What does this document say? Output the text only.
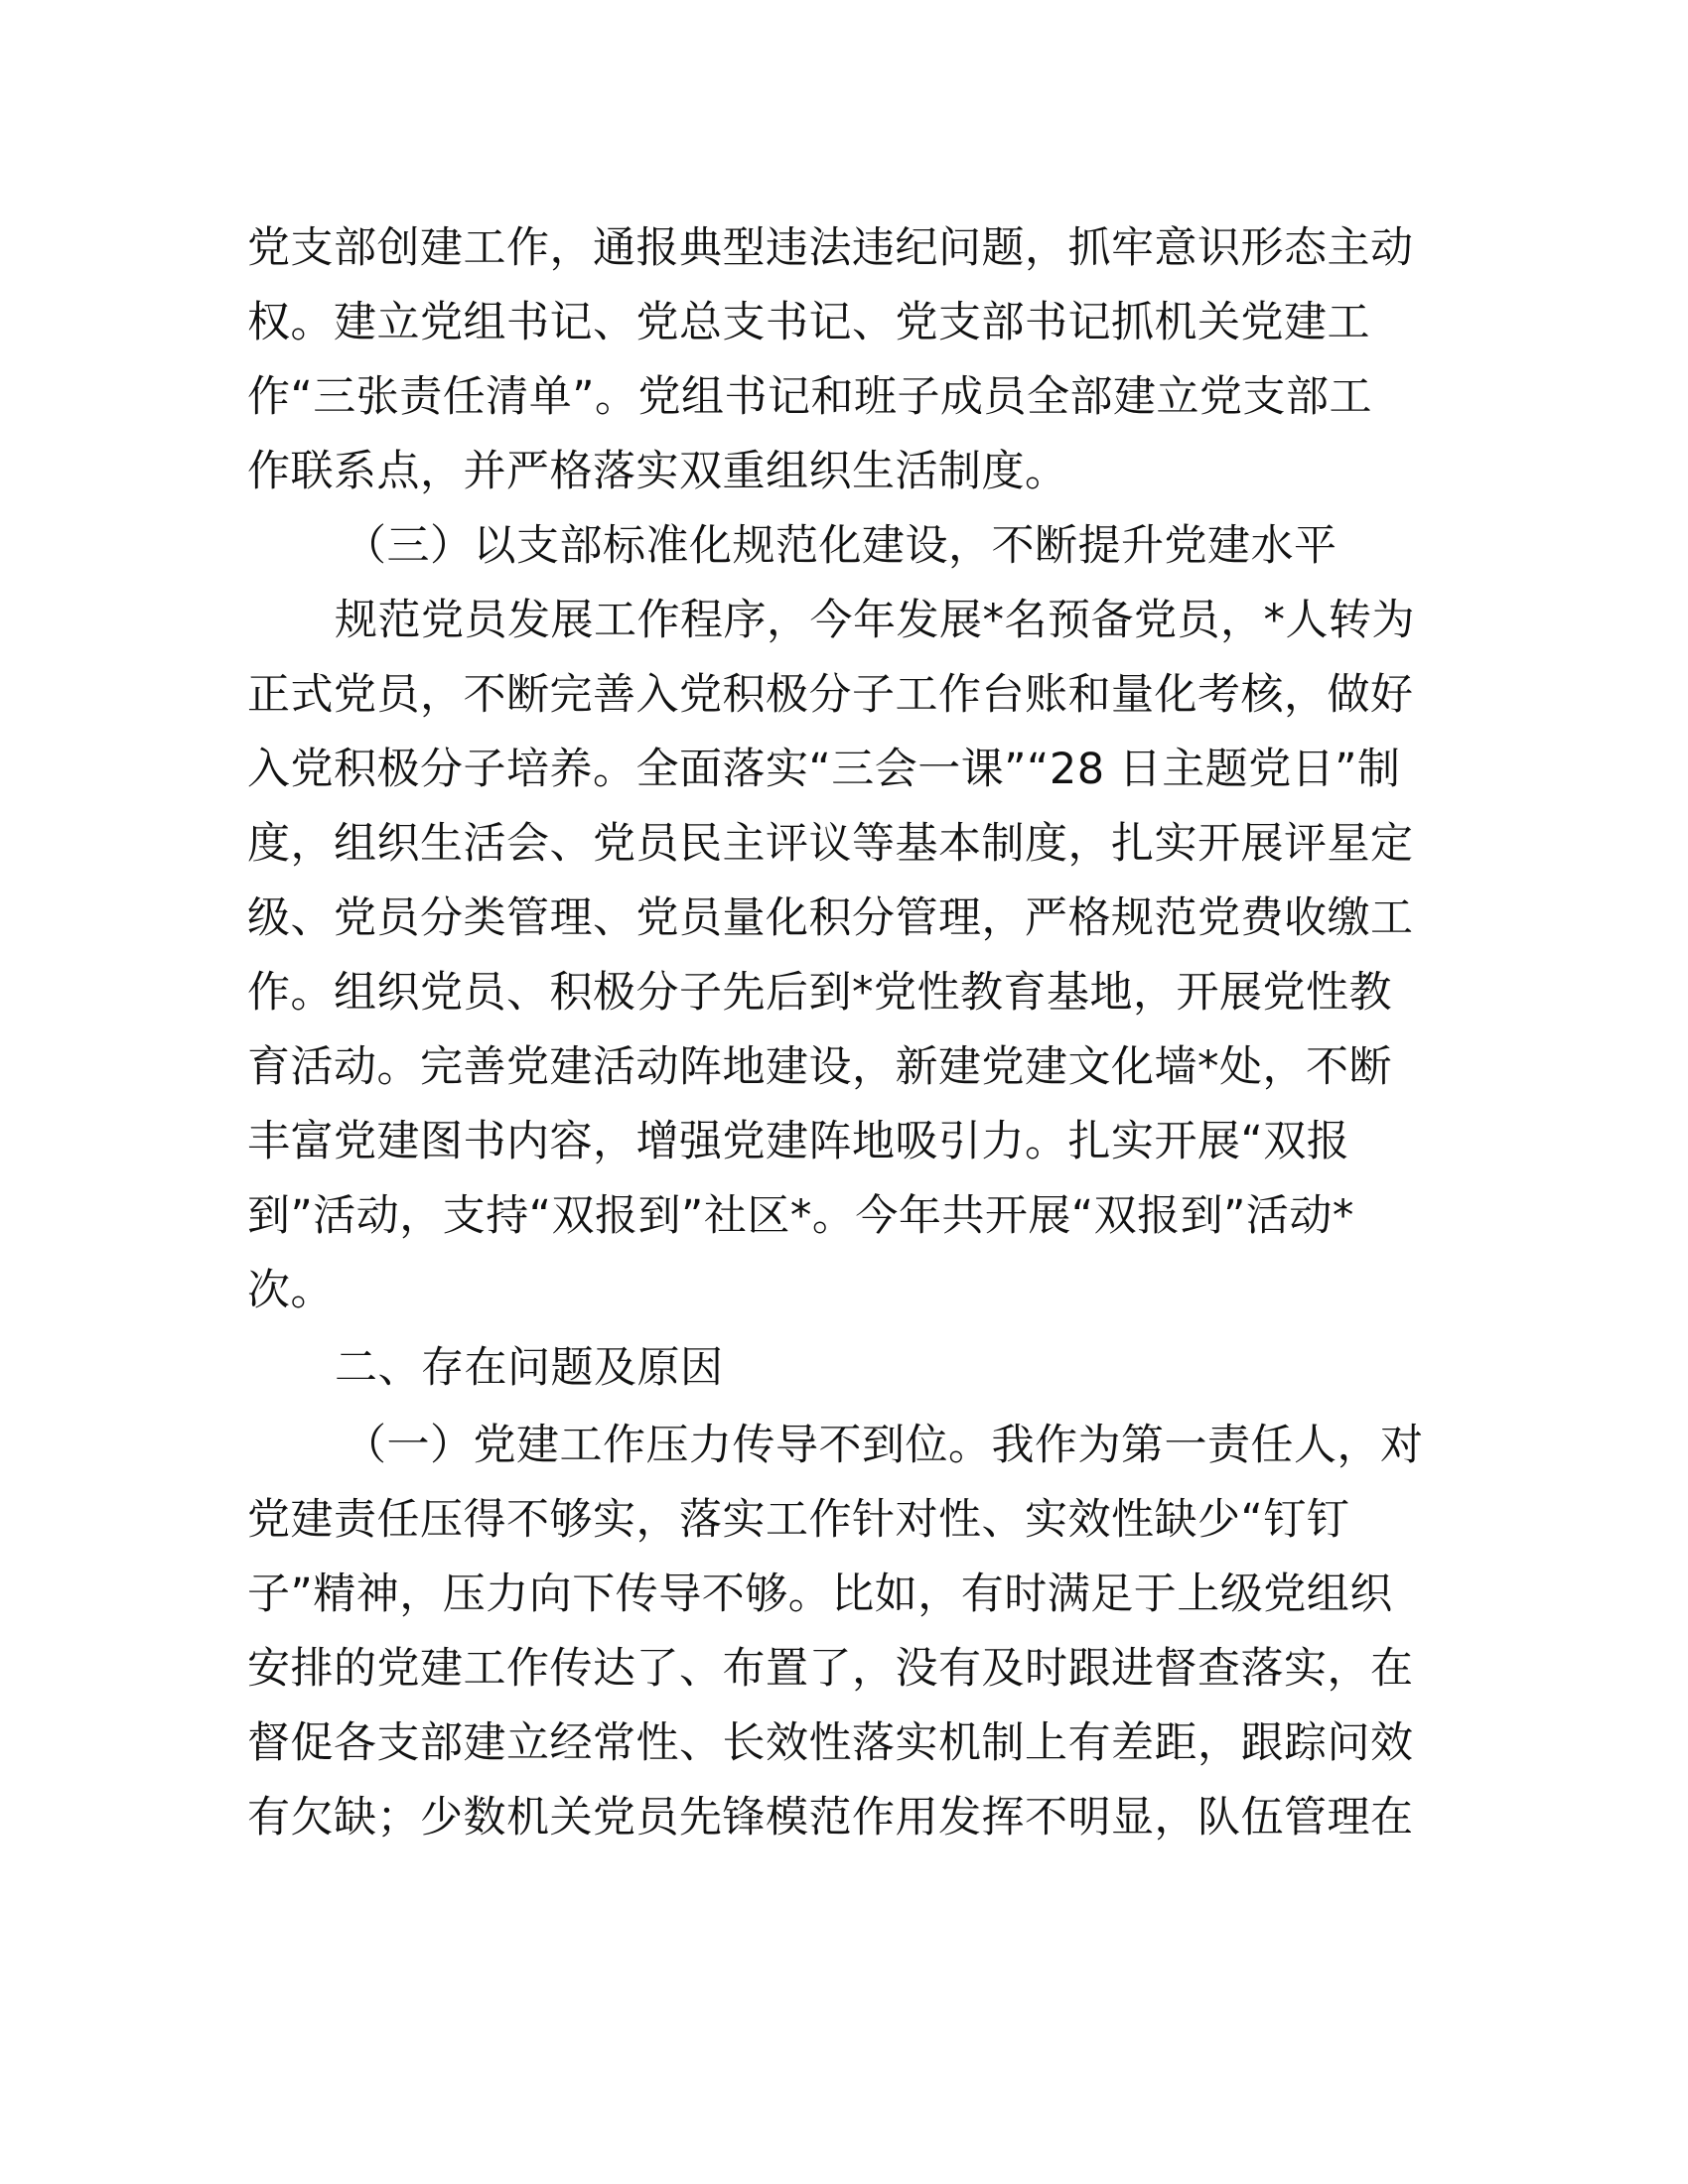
党支部创建工作，通报典型违法违纪问题，抓牢意识形态主动
权。建立党组书记、党总支书记、党支部书记抓机关党建工
作“三张责任清单”。党组书记和班子成员全部建立党支部工
作联系点，并严格落实双重组织生活制度。
（三）以支部标准化规范化建设，不断提升党建水平
规范党员发展工作程序，今年发展*名预备党员，*人转为
正式党员，不断完善入党积极分子工作台账和量化考核，做好
入党积极分子培养。全面落实“三会一课”“28 日主题党日”制
度，组织生活会、党员民主评议等基本制度，扎实开展评星定
级、党员分类管理、党员量化积分管理，严格规范党费收缴工
作。组织党员、积极分子先后到*党性教育基地，开展党性教
育活动。完善党建活动阵地建设，新建党建文化墙*处，不断
丰富党建图书内容，增强党建阵地吸引力。扎实开展“双报
到”活动，支持“双报到”社区*。今年共开展“双报到”活动*
次。
二、存在问题及原因
（一）党建工作压力传导不到位。我作为第一责任人，对
党建责任压得不够实，落实工作针对性、实效性缺少“钉钉
子”精神，压力向下传导不够。比如，有时满足于上级党组织
安排的党建工作传达了、布置了，没有及时跟进督查落实，在
督促各支部建立经常性、长效性落实机制上有差距，跟踪问效
有欠缺；少数机关党员先锋模范作用发挥不明显，队伍管理在
